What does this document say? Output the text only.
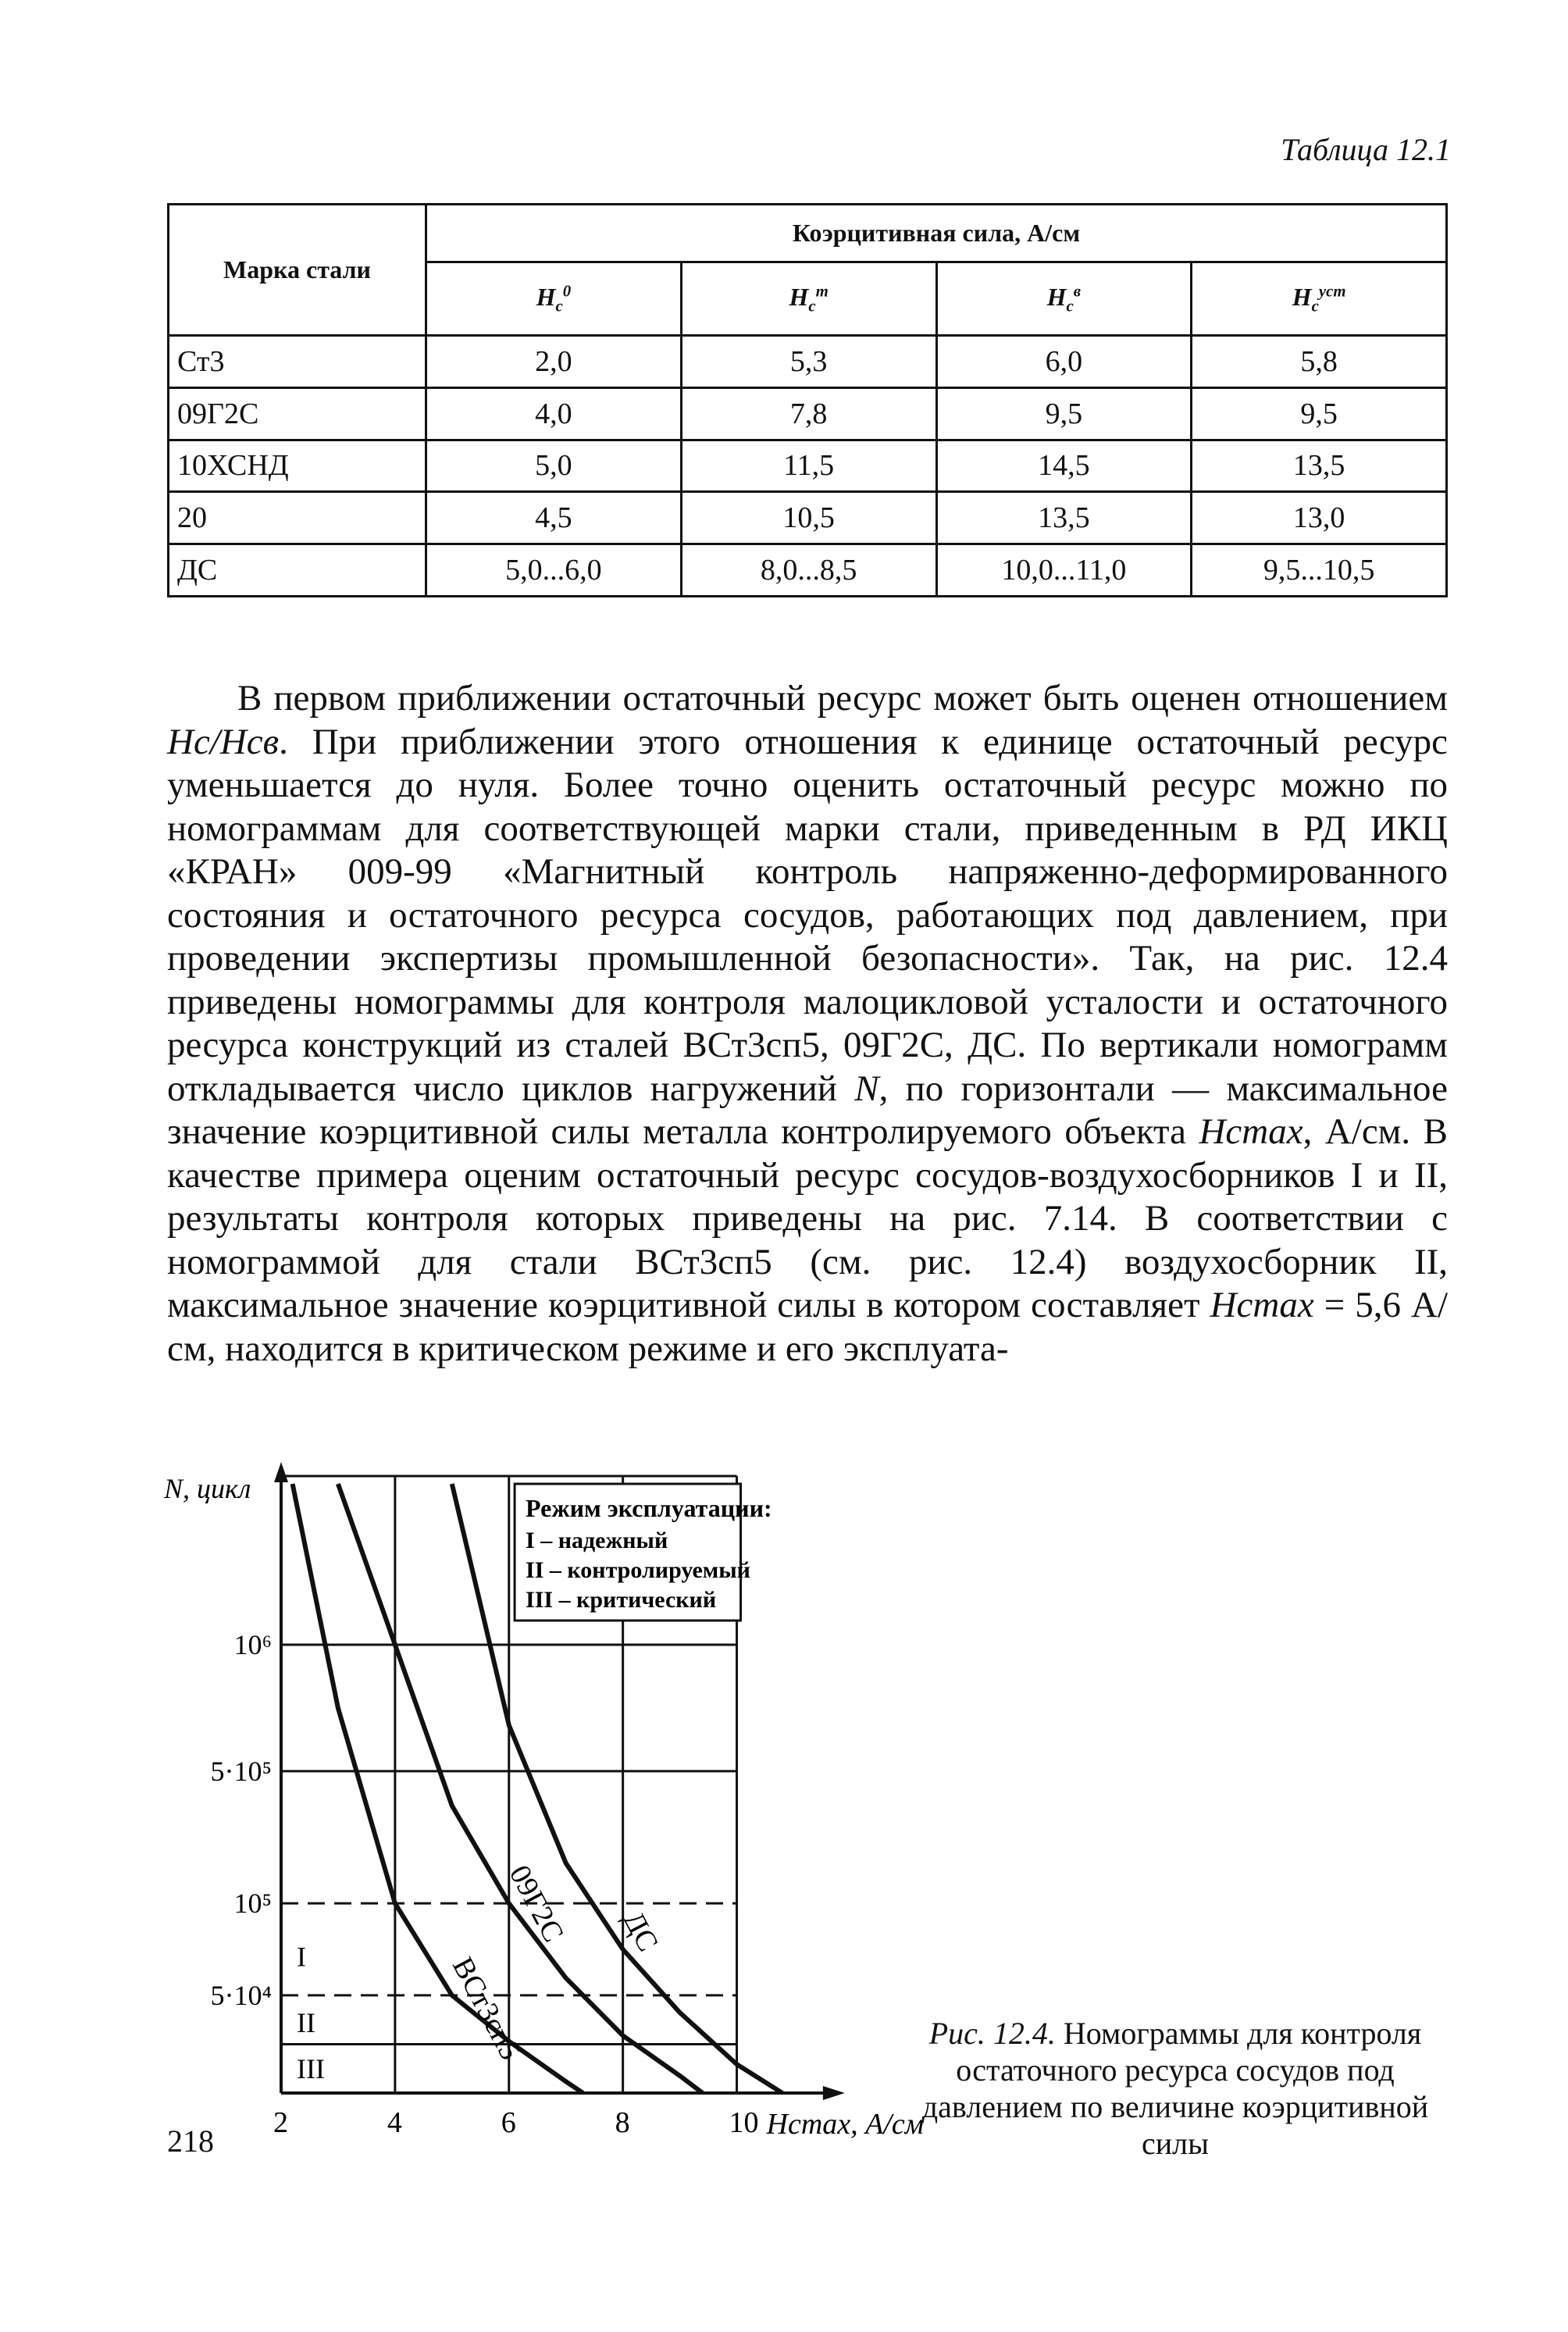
Таблица 12.1
Марка стали	Коэрцитивная сила, А/см			
	$H_c^0$	$H_c^т$	$H_c^в$	$H_c^{уст}$
Ст3	2,0	5,3	6,0	5,8
09Г2С	4,0	7,8	9,5	9,5
10ХСНД	5,0	11,5	14,5	13,5
20	4,5	10,5	13,5	13,0
ДС	5,0...6,0	8,0...8,5	10,0...11,0	9,5...10,5

В первом приближении остаточный ресурс может быть оценен отношением Hc/Hcв. При приближении этого отношения к единице остаточный ресурс уменьшается до нуля. Более точно оценить остаточный ресурс можно по номограммам для соответствующей марки стали, приведенным в РД ИКЦ «КРАН» 009-99 «Магнитный контроль напряженно-деформированного состояния и остаточного ресурса сосудов, работающих под давлением, при проведении экспертизы промышленной безопасности». Так, на рис. 12.4 приведены номограммы для контроля малоцикловой усталости и остаточного ресурса конструкций из сталей ВСт3сп5, 09Г2С, ДС. По вертикали номограмм откладывается число циклов нагружений N, по горизонтали — максимальное значение коэрцитивной силы металла контролируемого объекта Hcmax, А/см. В качестве примера оценим остаточный ресурс сосудов-воздухосборников I и II, результаты контроля которых приведены на рис. 7.14. В соответствии с номограммой для стали ВСт3сп5 (см. рис. 12.4) воздухосборник II, максимальное значение коэрцитивной силы в котором составляет Hcmax = 5,6 А/см, находится в критическом режиме и его эксплуата-

2	4	6	8	10
10⁶
5·10⁵
10⁵
5·10⁴
N, цикл
Hcmax, А/см
I
II
III
Режим эксплуатации:
I – надежный
II – контролируемый
III – критический
ВСт3сп5
09Г2С ДС
Рис. 12.4. Номограммы для контроля остаточного ресурса сосудов под давлением по величине коэрцитивной силы
218
